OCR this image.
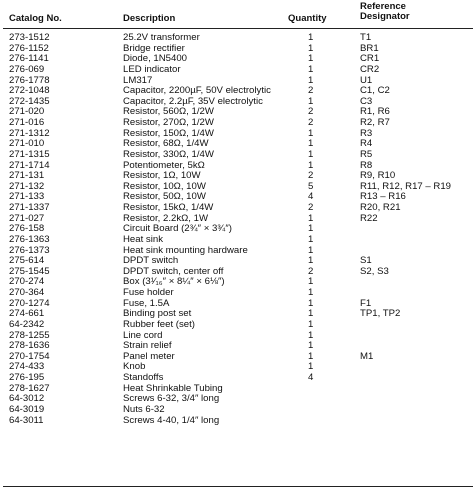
Catalog No.	Description	Quantity
Reference
Designator
273-1512	25.2V transformer	1	T1
276-1152	Bridge rectifier	1	BR1
276-1141	Diode, 1N5400	1	CR1
276-069	LED indicator	1	CR2
276-1778	LM317	1	U1
272-1048	Capacitor, 2200µF, 50V electrolytic	2	C1, C2
272-1435	Capacitor, 2.2µF, 35V electrolytic	1	C3
271-020	Resistor, 560Ω, 1/2W	2	R1, R6
271-016	Resistor, 270Ω, 1/2W	2	R2, R7
271-1312	Resistor, 150Ω, 1/4W	1	R3
271-010	Resistor, 68Ω, 1/4W	1	R4
271-1315	Resistor, 330Ω, 1/4W	1	R5
271-1714	Potentiometer, 5kΩ	1	R8
271-131	Resistor, 1Ω, 10W	2	R9, R10
271-132	Resistor, 10Ω, 10W	5	R11, R12, R17 – R19
271-133	Resistor, 50Ω, 10W	4	R13 – R16
271-1337	Resistor, 15kΩ, 1/4W	2	R20, R21
271-027	Resistor, 2.2kΩ, 1W	1	R22
276-158	Circuit Board (2¾″ × 3¾″)	1
276-1363	Heat sink	1
276-1373	Heat sink mounting hardware	1
275-614	DPDT switch	1	S1
275-1545	DPDT switch, center off	2	S2, S3
270-274	Box (3¹⁄₁₆″ × 8¼″ × 6⅛″)	1
270-364	Fuse holder	1
270-1274	Fuse, 1.5A	1	F1
274-661	Binding post set	1	TP1, TP2
64-2342	Rubber feet (set)	1
278-1255	Line cord	1
278-1636	Strain relief	1
270-1754	Panel meter	1	M1
274-433	Knob	1
276-195	Standoffs	4
278-1627	Heat Shrinkable Tubing
64-3012	Screws 6-32, 3/4″ long
64-3019	Nuts 6-32
64-3011	Screws 4-40, 1/4″ long
